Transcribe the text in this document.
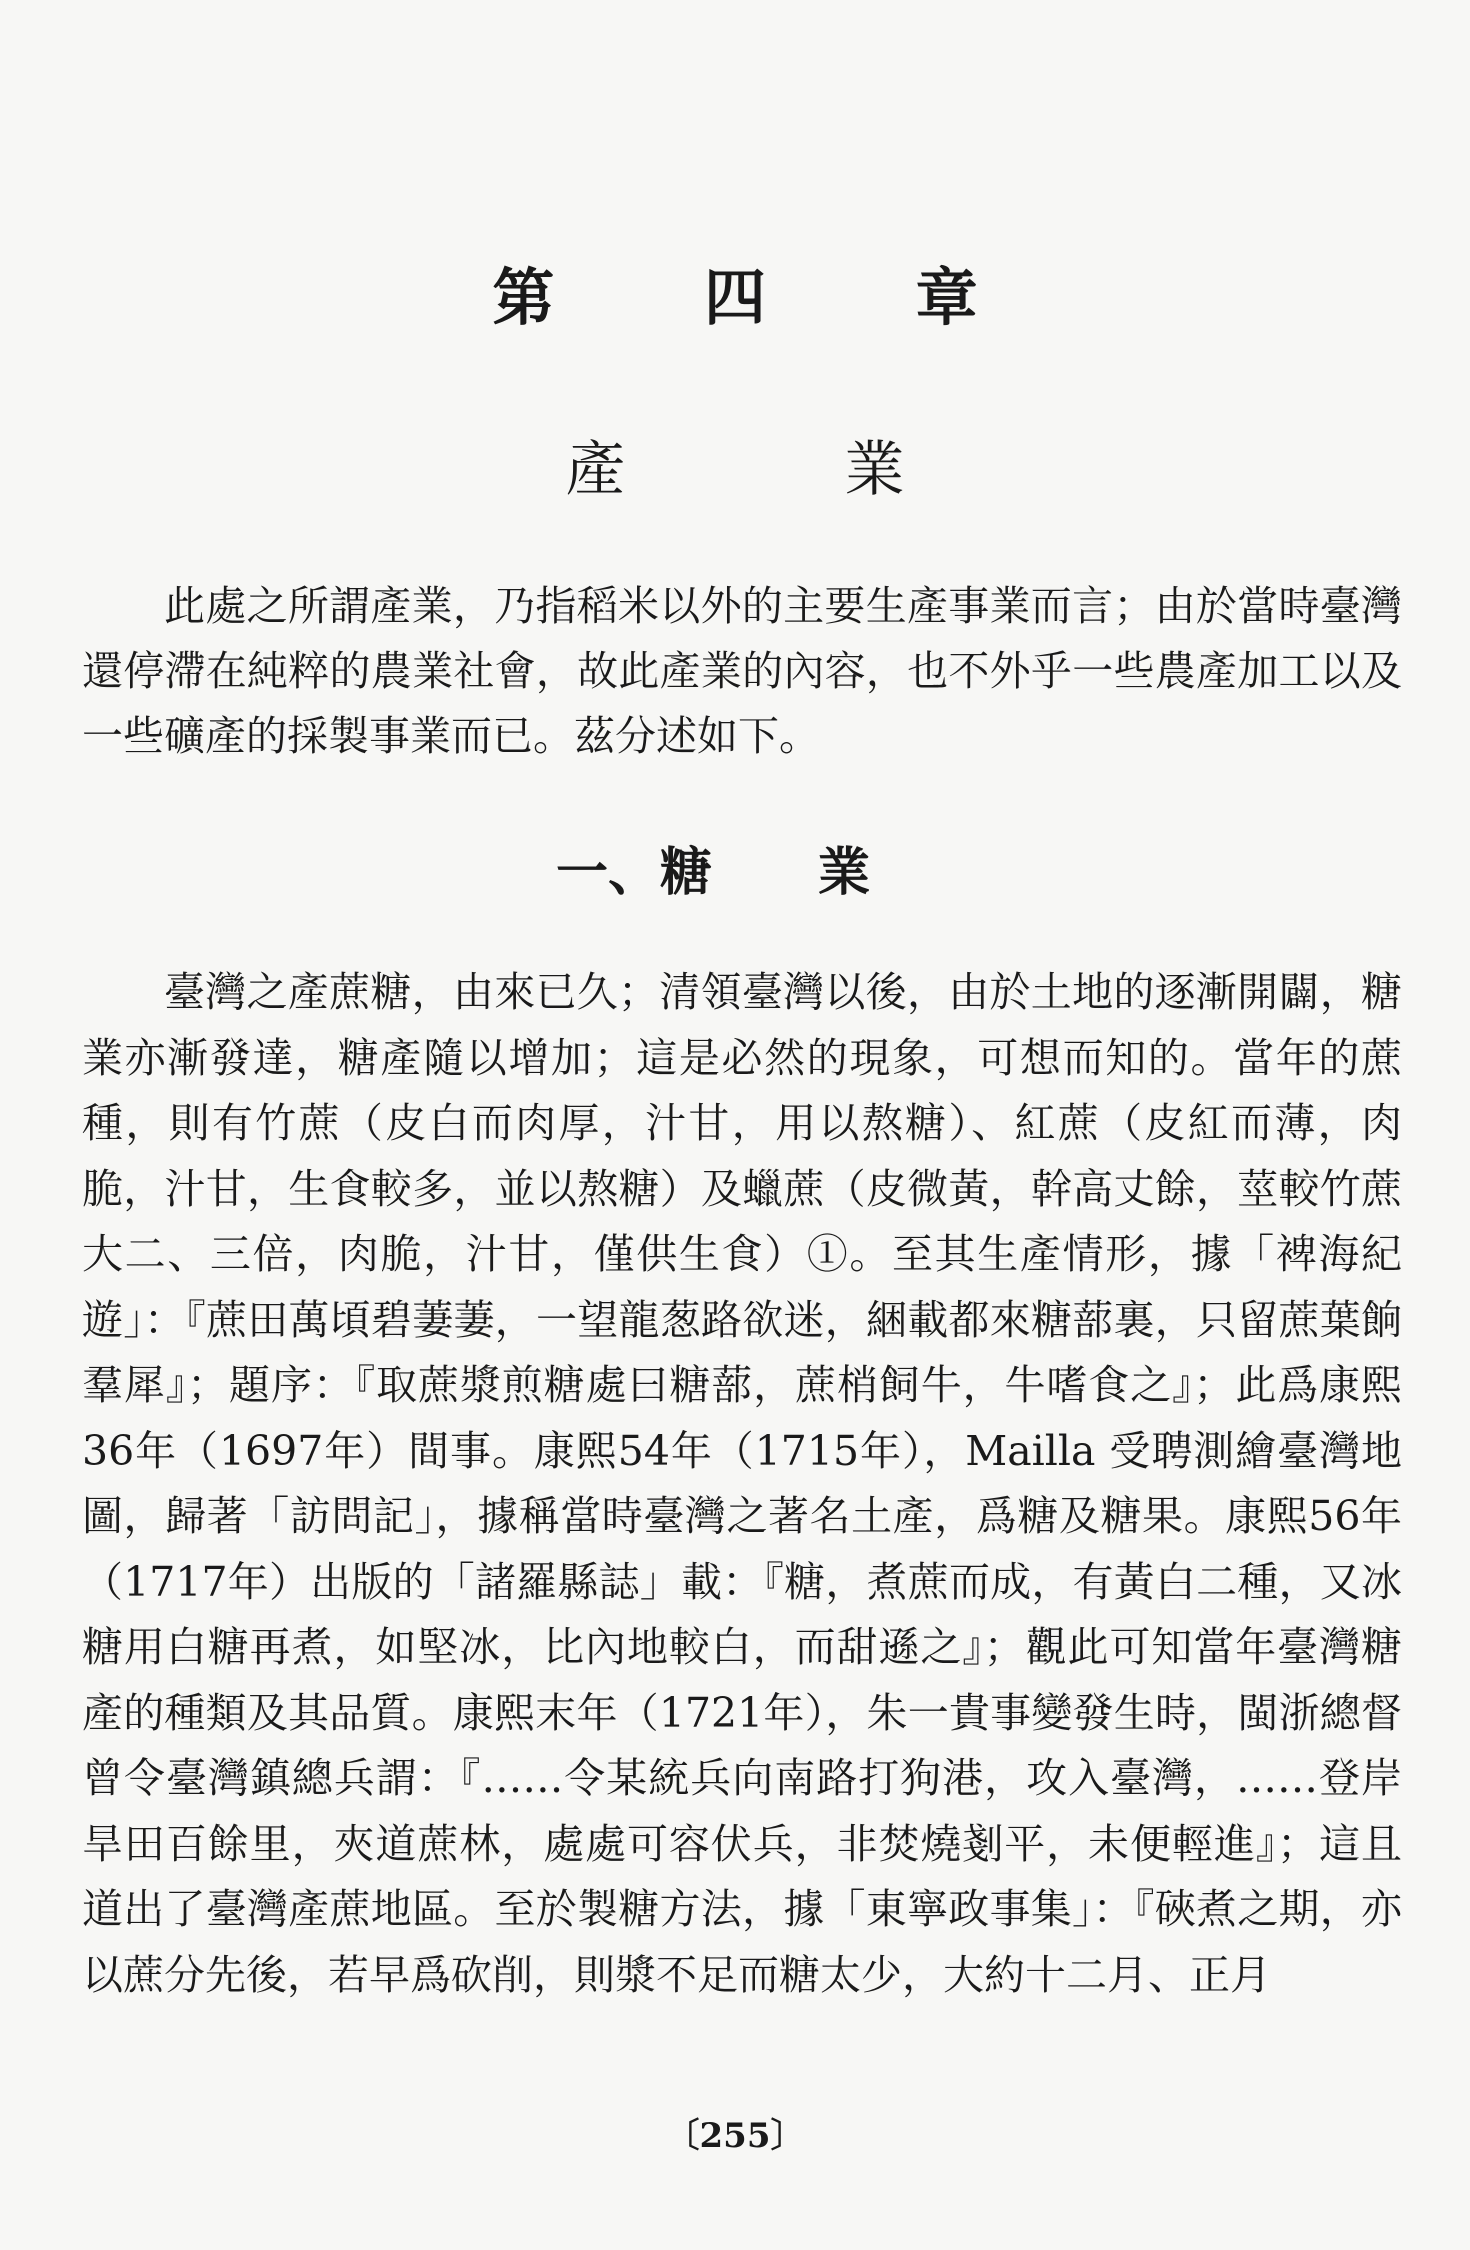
第 四 章
產 業

此處之所謂產業，乃指稻米以外的主要生產事業而言；由於當時臺灣還停滯在純粹的農業社會，故此產業的內容，也不外乎一些農產加工以及一些礦產的採製事業而已。茲分述如下。

一、糖 業

臺灣之產蔗糖，由來已久；清領臺灣以後，由於土地的逐漸開闢，糖業亦漸發達，糖產隨以增加；這是必然的現象，可想而知的。當年的蔗種，則有竹蔗（皮白而肉厚，汁甘，用以熬糖）、紅蔗（皮紅而薄，肉脆，汁甘，生食較多，並以熬糖）及蠟蔗（皮微黃，幹高丈餘，莖較竹蔗大二、三倍，肉脆，汁甘，僅供生食）①。至其生產情形，據「裨海紀遊」：『蔗田萬頃碧萋萋，一望龍葱路欲迷，綑載都來糖蔀裏，只留蔗葉餉羣犀』；題序：『取蔗漿煎糖處曰糖蔀，蔗梢飼牛，牛嗜食之』；此爲康熙36年（1697年）間事。康熙54年（1715年），Mailla 受聘測繪臺灣地圖，歸著「訪問記」，據稱當時臺灣之著名土產，爲糖及糖果。康熙56年（1717年）出版的「諸羅縣誌」載：『糖，煮蔗而成，有黃白二種，又冰糖用白糖再煮，如堅冰，比內地較白，而甜遜之』；觀此可知當年臺灣糖產的種類及其品質。康熙末年（1721年），朱一貴事變發生時，閩浙總督曾令臺灣鎮總兵謂：『……令某統兵向南路打狗港，攻入臺灣，……登岸旱田百餘里，夾道蔗林，處處可容伏兵，非焚燒剗平，未便輕進』；這且道出了臺灣產蔗地區。至於製糖方法，據「東寧政事集」：『硤煮之期，亦以蔗分先後，若早爲砍削，則漿不足而糖太少，大約十二月、正月

〔255〕
